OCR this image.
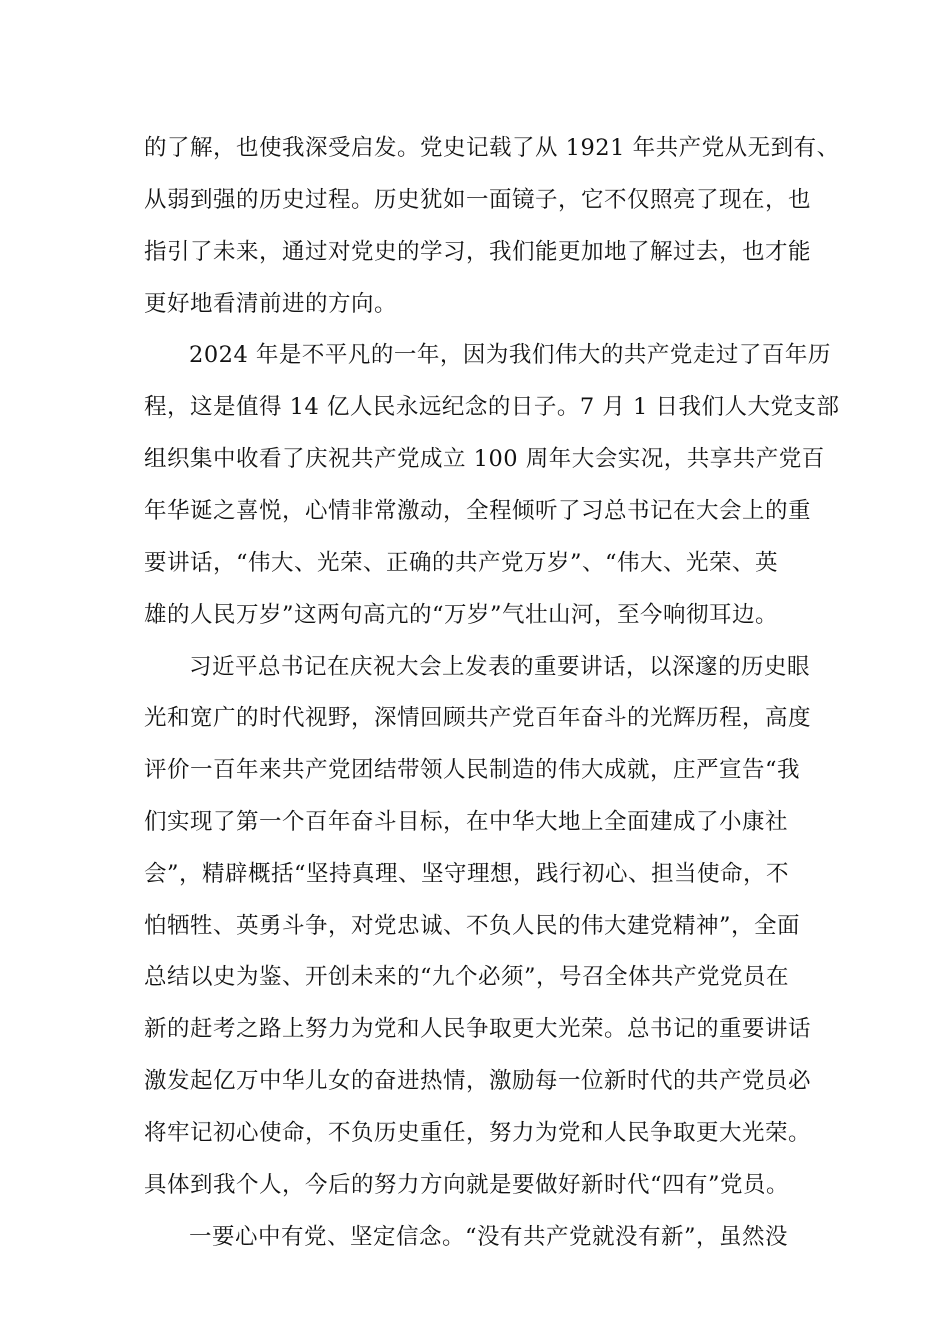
的了解，也使我深受启发。党史记载了从 1921 年共产党从无到有、
从弱到强的历史过程。历史犹如一面镜子，它不仅照亮了现在，也
指引了未来，通过对党史的学习，我们能更加地了解过去，也才能
更好地看清前进的方向。
2024 年是不平凡的一年，因为我们伟大的共产党走过了百年历
程，这是值得 14 亿人民永远纪念的日子。7 月 1 日我们人大党支部
组织集中收看了庆祝共产党成立 100 周年大会实况，共享共产党百
年华诞之喜悦，心情非常激动，全程倾听了习总书记在大会上的重
要讲话，“伟大、光荣、正确的共产党万岁”、“伟大、光荣、英
雄的人民万岁”这两句高亢的“万岁”气壮山河，至今响彻耳边。
习近平总书记在庆祝大会上发表的重要讲话，以深邃的历史眼
光和宽广的时代视野，深情回顾共产党百年奋斗的光辉历程，高度
评价一百年来共产党团结带领人民制造的伟大成就，庄严宣告“我
们实现了第一个百年奋斗目标，在中华大地上全面建成了小康社
会”，精辟概括“坚持真理、坚守理想，践行初心、担当使命，不
怕牺牲、英勇斗争，对党忠诚、不负人民的伟大建党精神”，全面
总结以史为鉴、开创未来的“九个必须”，号召全体共产党党员在
新的赶考之路上努力为党和人民争取更大光荣。总书记的重要讲话
激发起亿万中华儿女的奋进热情，激励每一位新时代的共产党员必
将牢记初心使命，不负历史重任，努力为党和人民争取更大光荣。
具体到我个人，今后的努力方向就是要做好新时代“四有”党员。
一要心中有党、坚定信念。“没有共产党就没有新”，虽然没
